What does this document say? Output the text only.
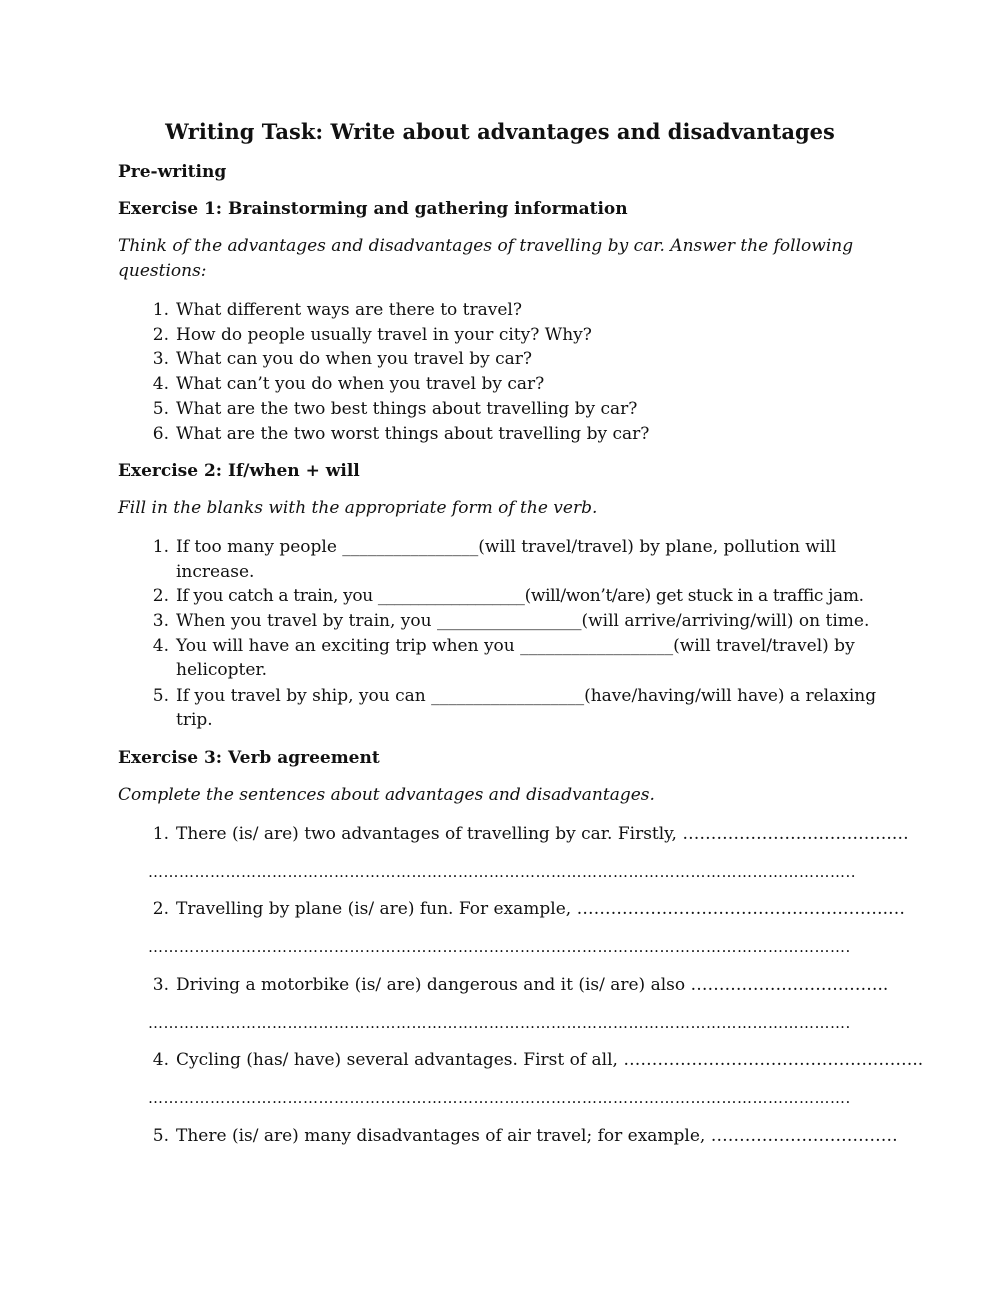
Writing Task: Write about advantages and disadvantages
Pre-writing
Exercise 1: Brainstorming and gathering information
Think of the advantages and disadvantages of travelling by car. Answer the following questions:
1. What different ways are there to travel?
2. How do people usually travel in your city? Why?
3. What can you do when you travel by car?
4. What can’t you do when you travel by car?
5. What are the two best things about travelling by car?
6. What are the two worst things about travelling by car?
Exercise 2: If/when + will
Fill in the blanks with the appropriate form of the verb.
1. If too many people ________________(will travel/travel) by plane, pollution will
increase.
2. If you catch a train, you __________________(will/won’t/are) get stuck in a traffic jam.
3. When you travel by train, you _________________(will arrive/arriving/will) on time.
4. You will have an exciting trip when you __________________(will travel/travel) by
helicopter.
5. If you travel by ship, you can __________________(have/having/will have) a relaxing
trip.
Exercise 3: Verb agreement
Complete the sentences about advantages and disadvantages.
1. There (is/ are) two advantages of travelling by car. Firstly, ……………………………….…
………………………………………………………………………………………………………………………..
2. Travelling by plane (is/ are) fun. For example, ……………………………………………….…
……………………………………………………………………………………………………………………….
3. Driving a motorbike (is/ are) dangerous and it (is/ are) also ……………………………..
……………………………………………………………………………………………………………………….
4. Cycling (has/ have) several advantages. First of all, ……………………………………………..
……………………………………………………………………………………………………………………….
5. There (is/ are) many disadvantages of air travel; for example, ……………………………
